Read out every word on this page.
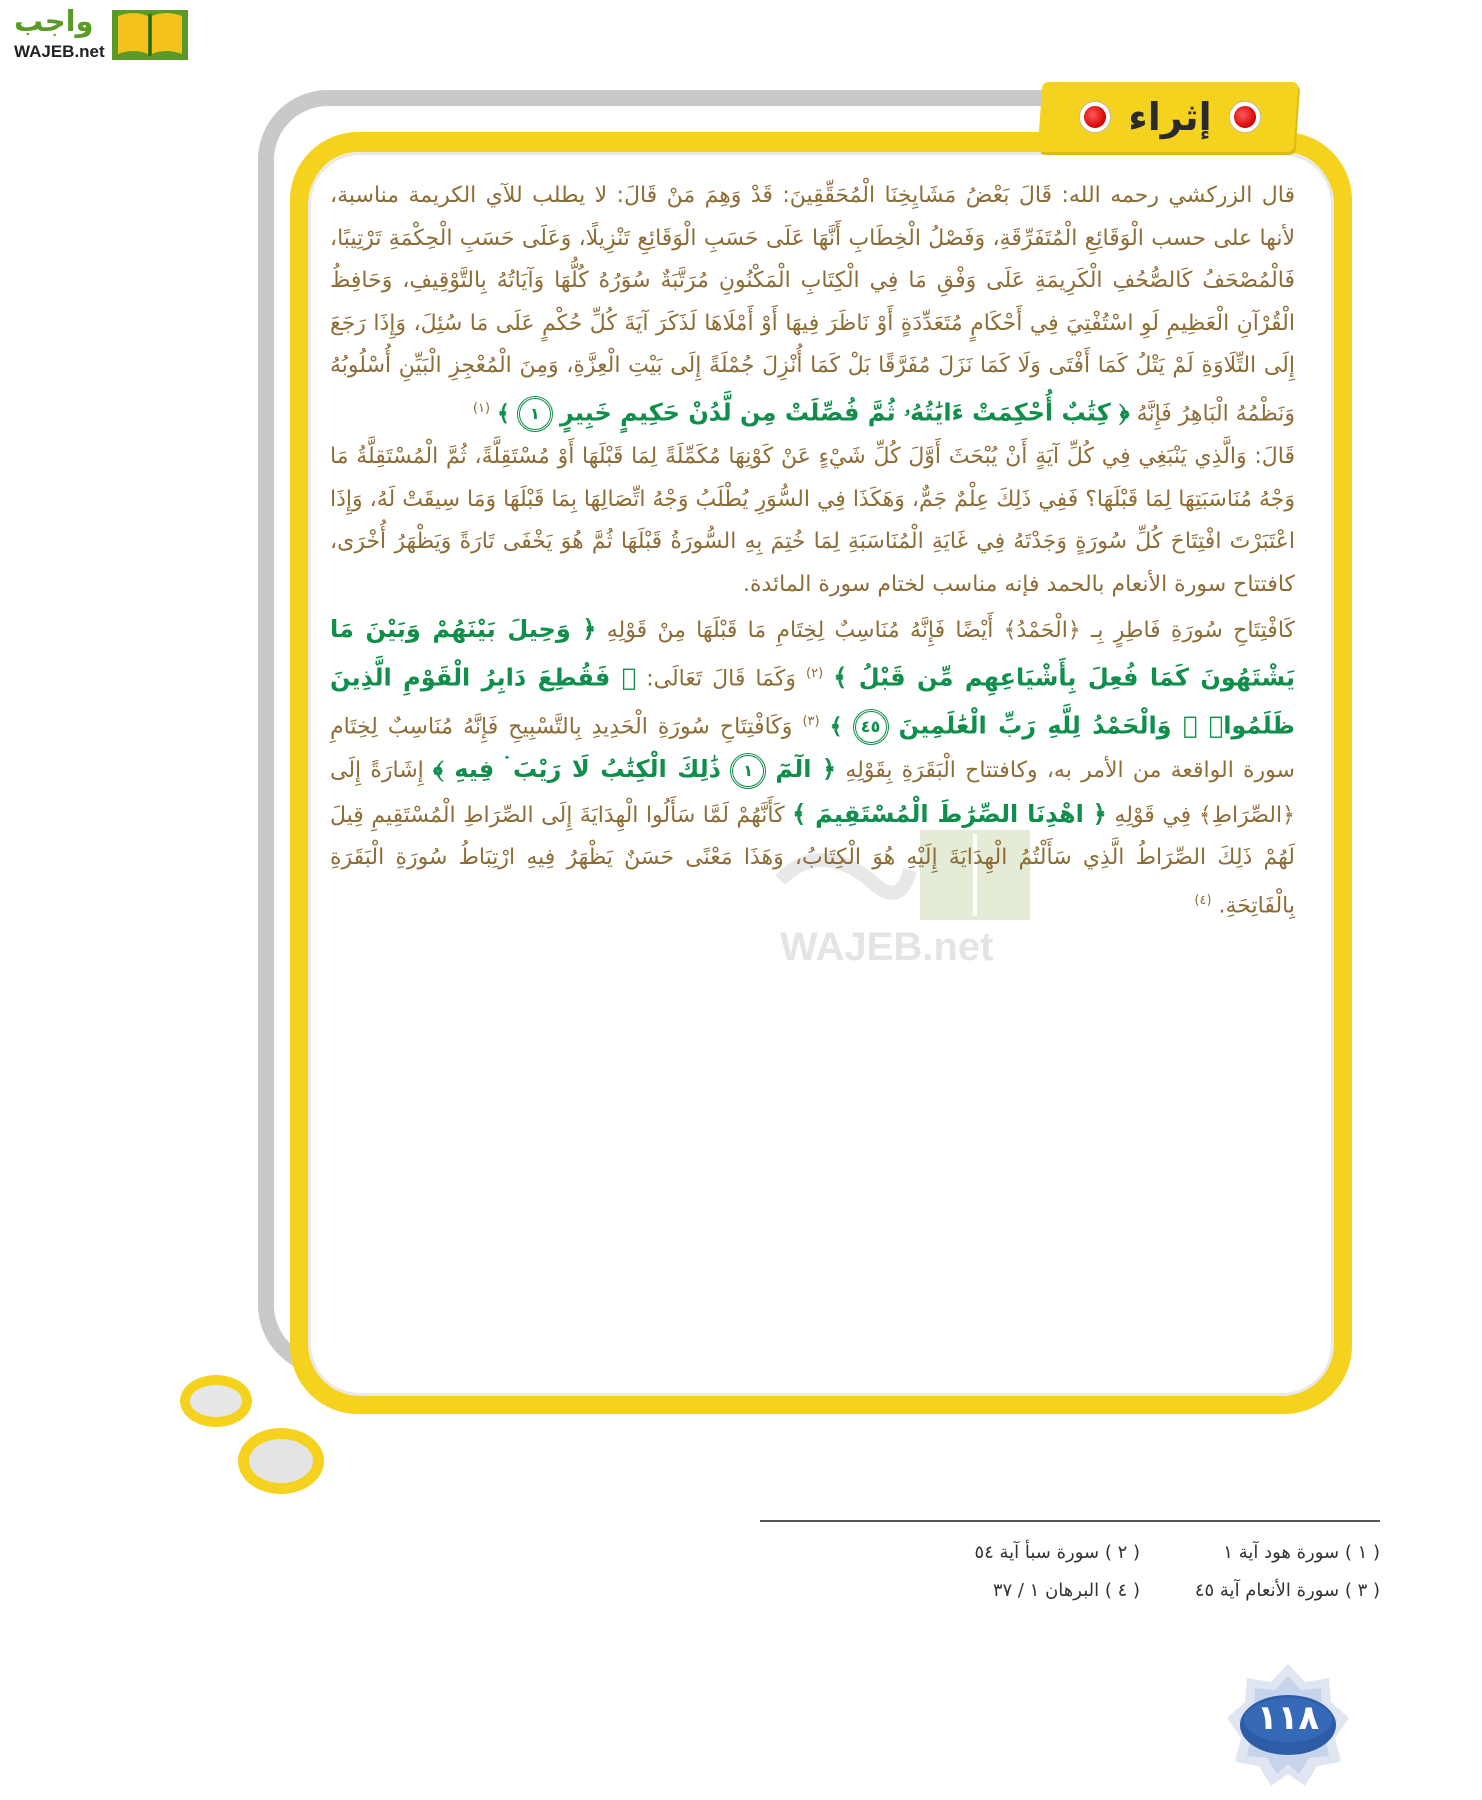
واجب
WAJEB.net
إثراء
WAJEB.net

قال الزركشي رحمه الله: قَالَ بَعْضُ مَشَايِخِنَا الْمُحَقِّقِينَ: قَدْ وَهِمَ مَنْ قَالَ: لا يطلب للآي الكريمة مناسبة، لأنها على حسب الْوَقَائِعِ الْمُتَفَرِّقَةِ، وَفَصْلُ الْخِطَابِ أَنَّهَا عَلَى حَسَبِ الْوَقَائِعِ تَنْزِيلًا، وَعَلَى حَسَبِ الْحِكْمَةِ تَرْتِيبًا، فَالْمُصْحَفُ كَالصُّحُفِ الْكَرِيمَةِ عَلَى وَفْقِ مَا فِي الْكِتَابِ الْمَكْنُونِ مُرَتَّبَةٌ سُوَرُهُ كُلُّهَا وَآيَاتُهُ بِالتَّوْقِيفِ، وَحَافِظُ الْقُرْآنِ الْعَظِيمِ لَوِ اسْتُفْتِيَ فِي أَحْكَامٍ مُتَعَدِّدَةٍ أَوْ نَاظَرَ فِيهَا أَوْ أَمْلَاهَا لَذَكَرَ آيَةَ كُلِّ حُكْمٍ عَلَى مَا سُئِلَ، وَإِذَا رَجَعَ إِلَى التِّلَاوَةِ لَمْ يَتْلُ كَمَا أَفْتَى وَلَا كَمَا نَزَلَ مُفَرَّقًا بَلْ كَمَا أُنْزِلَ جُمْلَةً إِلَى بَيْتِ الْعِزَّةِ، وَمِنَ الْمُعْجِزِ الْبَيِّنِ أُسْلُوبُهُ وَنَظْمُهُ الْبَاهِرُ فَإِنَّهُ ﴿ كِتَٰبٌ أُحْكِمَتْ ءَايَٰتُهُۥ ثُمَّ فُصِّلَتْ مِن لَّدُنْ حَكِيمٍ خَبِيرٍ ١ ﴾ $^{(١)}$

قَالَ: وَالَّذِي يَنْبَغِي فِي كُلِّ آيَةٍ أَنْ يُبْحَثَ أَوَّلَ كُلِّ شَيْءٍ عَنْ كَوْنِهَا مُكَمِّلَةً لِمَا قَبْلَهَا أَوْ مُسْتَقِلَّةً، ثُمَّ الْمُسْتَقِلَّةُ مَا وَجْهُ مُنَاسَبَتِهَا لِمَا قَبْلَهَا؟ فَفِي ذَلِكَ عِلْمٌ جَمٌّ، وَهَكَذَا فِي السُّوَرِ يُطْلَبُ وَجْهُ اتِّصَالِهَا بِمَا قَبْلَهَا وَمَا سِيقَتْ لَهُ، وَإِذَا اعْتَبَرْتَ افْتِتَاحَ كُلِّ سُورَةٍ وَجَدْتَهُ فِي غَايَةِ الْمُنَاسَبَةِ لِمَا خُتِمَ بِهِ السُّورَةُ قَبْلَهَا ثُمَّ هُوَ يَخْفَى تَارَةً وَيَظْهَرُ أُخْرَى، كافتتاح سورة الأنعام بالحمد فإنه مناسب لختام سورة المائدة.

كَافْتِتَاحِ سُورَةِ فَاطِرٍ بِـ ﴿الْحَمْدُ﴾ أَيْضًا فَإِنَّهُ مُنَاسِبٌ لِخِتَامِ مَا قَبْلَهَا مِنْ قَوْلِهِ ﴿ وَحِيلَ بَيْنَهُمْ وَبَيْنَ مَا يَشْتَهُونَ كَمَا فُعِلَ بِأَشْيَاعِهِم مِّن قَبْلُ ﴾ $^{(٢)}$ وَكَمَا قَالَ تَعَالَى: ﴿ فَقُطِعَ دَابِرُ الْقَوْمِ الَّذِينَ ظَلَمُوا۟ ۚ وَالْحَمْدُ لِلَّهِ رَبِّ الْعَٰلَمِينَ ٤٥ ﴾ $^{(٣)}$ وَكَافْتِتَاحِ سُورَةِ الْحَدِيدِ بِالتَّسْبِيحِ فَإِنَّهُ مُنَاسِبٌ لِخِتَامِ سورة الواقعة من الأمر به، وكافتتاح الْبَقَرَةِ بِقَوْلِهِ ﴿ الٓمٓ ١ ذَٰلِكَ الْكِتَٰبُ لَا رَيْبَ ۛ فِيهِ ﴾ إِشَارَةً إِلَى ﴿الصِّرَاطِ﴾ فِي قَوْلِهِ ﴿ اهْدِنَا الصِّرَٰطَ الْمُسْتَقِيمَ ﴾ كَأَنَّهُمْ لَمَّا سَأَلُوا الْهِدَايَةَ إِلَى الصِّرَاطِ الْمُسْتَقِيمِ قِيلَ لَهُمْ ذَلِكَ الصِّرَاطُ الَّذِي سَأَلْتُمُ الْهِدَايَةَ إِلَيْهِ هُوَ الْكِتَابُ، وَهَذَا مَعْنًى حَسَنٌ يَظْهَرُ فِيهِ ارْتِبَاطُ سُورَةِ الْبَقَرَةِ بِالْفَاتِحَةِ. $^{(٤)}$

( ١ ) سورة هود آية ١
( ٢ ) سورة سبأ آية ٥٤
( ٣ ) سورة الأنعام آية ٤٥
( ٤ ) البرهان ١ / ٣٧
١١٨
